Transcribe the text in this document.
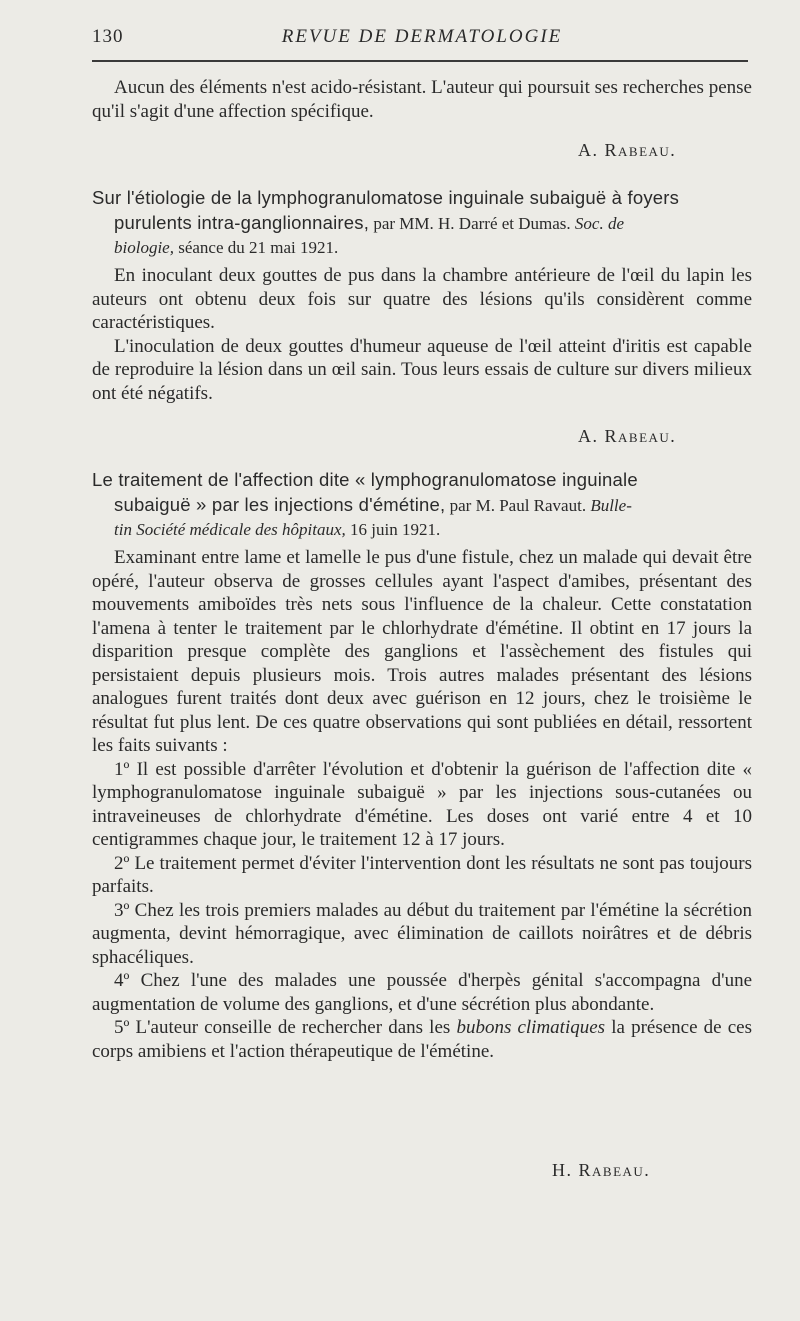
130	REVUE DE DERMATOLOGIE

Aucun des éléments n'est acido-résistant. L'auteur qui poursuit ses recherches pense qu'il s'agit d'une affection spécifique.

A. Rabeau.
Sur l'étiologie de la lymphogranulomatose inguinale subaiguë à foyers
purulents intra-ganglionnaires, par MM. H. Darré et Dumas. Soc. de
biologie, séance du 21 mai 1921.

En inoculant deux gouttes de pus dans la chambre antérieure de l'œil du lapin les auteurs ont obtenu deux fois sur quatre des lésions qu'ils considèrent comme caractéristiques.

L'inoculation de deux gouttes d'humeur aqueuse de l'œil atteint d'iritis est capable de reproduire la lésion dans un œil sain. Tous leurs essais de culture sur divers milieux ont été négatifs.

A. Rabeau.
Le traitement de l'affection dite « lymphogranulomatose inguinale
subaiguë » par les injections d'émétine, par M. Paul Ravaut. Bulle-
tin Société médicale des hôpitaux, 16 juin 1921.

Examinant entre lame et lamelle le pus d'une fistule, chez un malade qui devait être opéré, l'auteur observa de grosses cellules ayant l'aspect d'amibes, présentant des mouvements amiboïdes très nets sous l'influence de la chaleur. Cette constatation l'amena à tenter le traitement par le chlorhydrate d'émétine. Il obtint en 17 jours la disparition presque complète des ganglions et l'assèchement des fistules qui persistaient depuis plusieurs mois. Trois autres malades présentant des lésions analogues furent traités dont deux avec guérison en 12 jours, chez le troisième le résultat fut plus lent. De ces quatre observations qui sont publiées en détail, ressortent les faits suivants :

1º Il est possible d'arrêter l'évolution et d'obtenir la guérison de l'affection dite « lymphogranulomatose inguinale subaiguë » par les injections sous-cutanées ou intraveineuses de chlorhydrate d'émétine. Les doses ont varié entre 4 et 10 centigrammes chaque jour, le traitement 12 à 17 jours.

2º Le traitement permet d'éviter l'intervention dont les résultats ne sont pas toujours parfaits.

3º Chez les trois premiers malades au début du traitement par l'émétine la sécrétion augmenta, devint hémorragique, avec élimination de caillots noirâtres et de débris sphacéliques.

4º Chez l'une des malades une poussée d'herpès génital s'accompagna d'une augmentation de volume des ganglions, et d'une sécrétion plus abondante.

5º L'auteur conseille de rechercher dans les bubons climatiques la présence de ces corps amibiens et l'action thérapeutique de l'émétine.

H. Rabeau.
